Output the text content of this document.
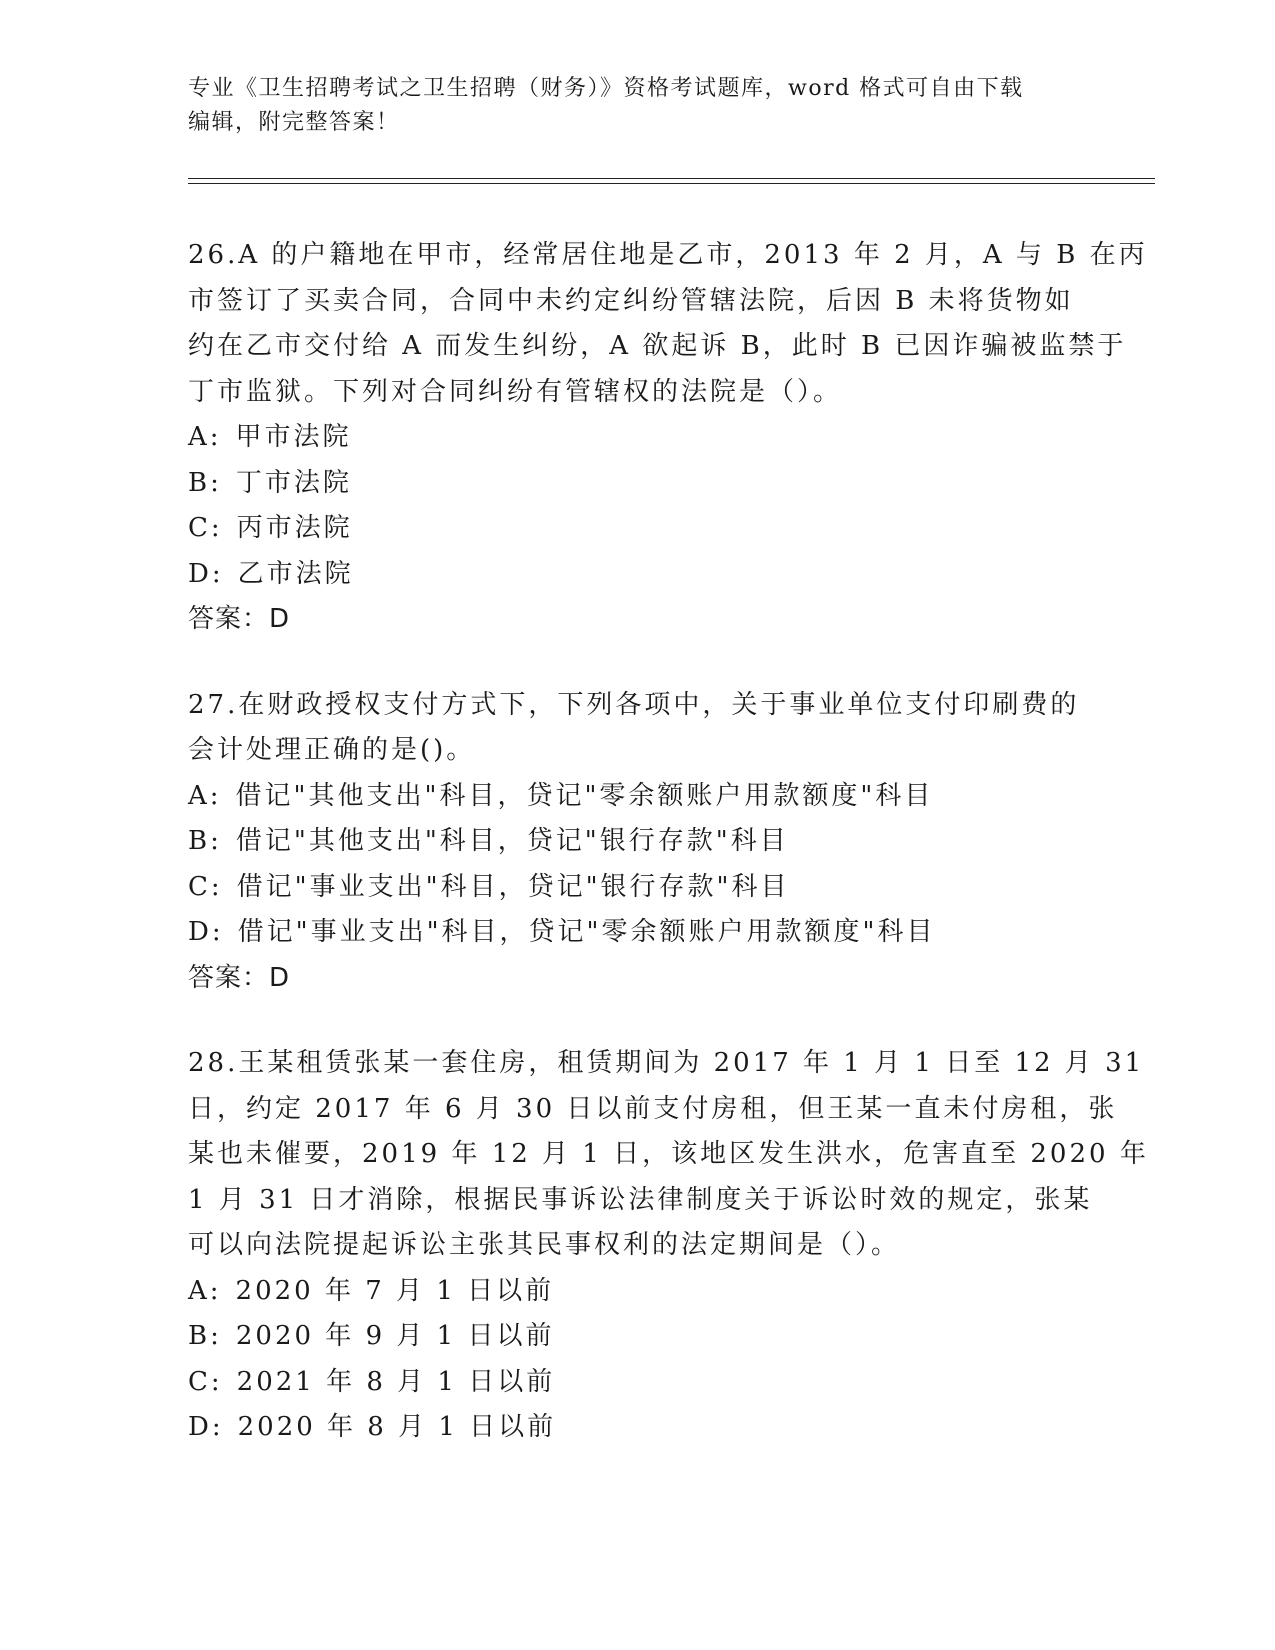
专业《卫生招聘考试之卫生招聘（财务）》资格考试题库，word 格式可自由下载
编辑，附完整答案！
26.A 的户籍地在甲市，经常居住地是乙市，2013 年 2 月，A 与 B 在丙
市签订了买卖合同，合同中未约定纠纷管辖法院，后因 B 未将货物如
约在乙市交付给 A 而发生纠纷，A 欲起诉 B，此时 B 已因诈骗被监禁于
丁市监狱。下列对合同纠纷有管辖权的法院是（）。
A: 甲市法院
B: 丁市法院
C: 丙市法院
D: 乙市法院
答案：D
27.在财政授权支付方式下，下列各项中，关于事业单位支付印刷费的
会计处理正确的是()。
A: 借记"其他支出"科目，贷记"零余额账户用款额度"科目
B: 借记"其他支出"科目，贷记"银行存款"科目
C: 借记"事业支出"科目，贷记"银行存款"科目
D: 借记"事业支出"科目，贷记"零余额账户用款额度"科目
答案：D
28.王某租赁张某一套住房，租赁期间为 2017 年 1 月 1 日至 12 月 31
日，约定 2017 年 6 月 30 日以前支付房租，但王某一直未付房租，张
某也未催要，2019 年 12 月 1 日，该地区发生洪水，危害直至 2020 年
1 月 31 日才消除，根据民事诉讼法律制度关于诉讼时效的规定，张某
可以向法院提起诉讼主张其民事权利的法定期间是（）。
A: 2020 年 7 月 1 日以前
B: 2020 年 9 月 1 日以前
C: 2021 年 8 月 1 日以前
D: 2020 年 8 月 1 日以前
